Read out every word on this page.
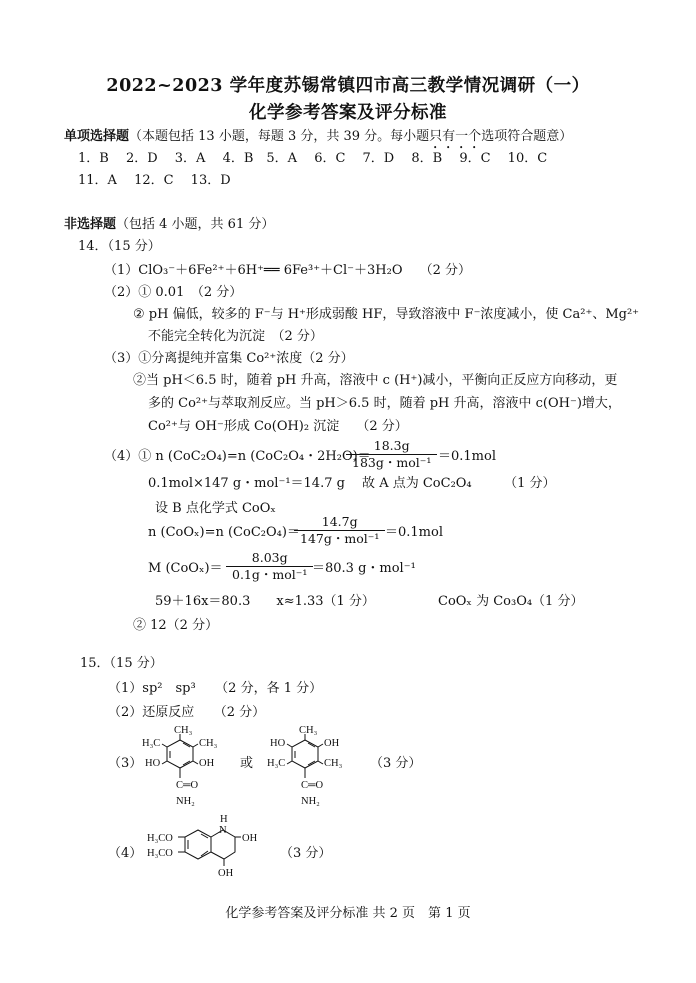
2022~2023 学年度苏锡常镇四市高三教学情况调研（一）
化学参考答案及评分标准
单项选择题（本题包括 13 小题，每题 3 分，共 39 分。每小题只有一个选项符合题意）
1．B　 2．D　 3．A　 4．B　5．A　 6．C　 7．D　 8．B　 9．C　 10．C
11．A　 12．C　 13．D
非选择题（包括 4 小题，共 61 分）
14．（15 分）
（1）ClO₃⁻＋6Fe²⁺＋6H⁺══ 6Fe³⁺＋Cl⁻＋3H₂O　 （2 分）
（2）① 0.01　（2 分）
② pH 偏低，较多的 F⁻与 H⁺形成弱酸 HF，导致溶液中 F⁻浓度减小，使 Ca²⁺、Mg²⁺
不能完全转化为沉淀　（2 分）
（3）①分离提纯并富集 Co²⁺浓度（2 分）
②当 pH＜6.5 时，随着 pH 升高，溶液中 c (H⁺)减小，平衡向正反应方向移动，更
多的 Co²⁺与萃取剂反应。当 pH＞6.5 时，随着 pH 升高，溶液中 c(OH⁻)增大，
Co²⁺与 OH⁻形成 Co(OH)₂ 沉淀　 （2 分）
（4）① n (CoC₂O₄)=n (CoC₂O₄・2H₂O)＝
18.3g
183g・mol⁻¹ ＝0.1mol
0.1mol×147 g・mol⁻¹＝14.7 g　 故 A 点为 CoC₂O₄　　　（1 分）
设 B 点化学式 CoOₓ
n (CoOₓ)=n (CoC₂O₄)＝
14.7g
147g・mol⁻¹ ＝0.1mol
M (CoOₓ)＝
8.03g
0.1g・mol⁻¹ ＝80.3 g・mol⁻¹
59＋16x＝80.3　　x≈1.33（1 分）	CoOₓ 为 Co₃O₄（1 分）
② 12（2 分）
15．（15 分）
（1）sp²　sp³　　（2 分，各 1 分）
（2）还原反应　　（2 分）
（3）	或	（3 分）
CH₃
H₃C
HO
CH₃
OH
C═O
NH₂
CH₃
HO
H₃C
OH
CH₃
C═O
NH₂
（4）	（3 分）
H
N
OH
OH
H₃CO
H₃CO
化学参考答案及评分标准 共 2 页　第 1 页
